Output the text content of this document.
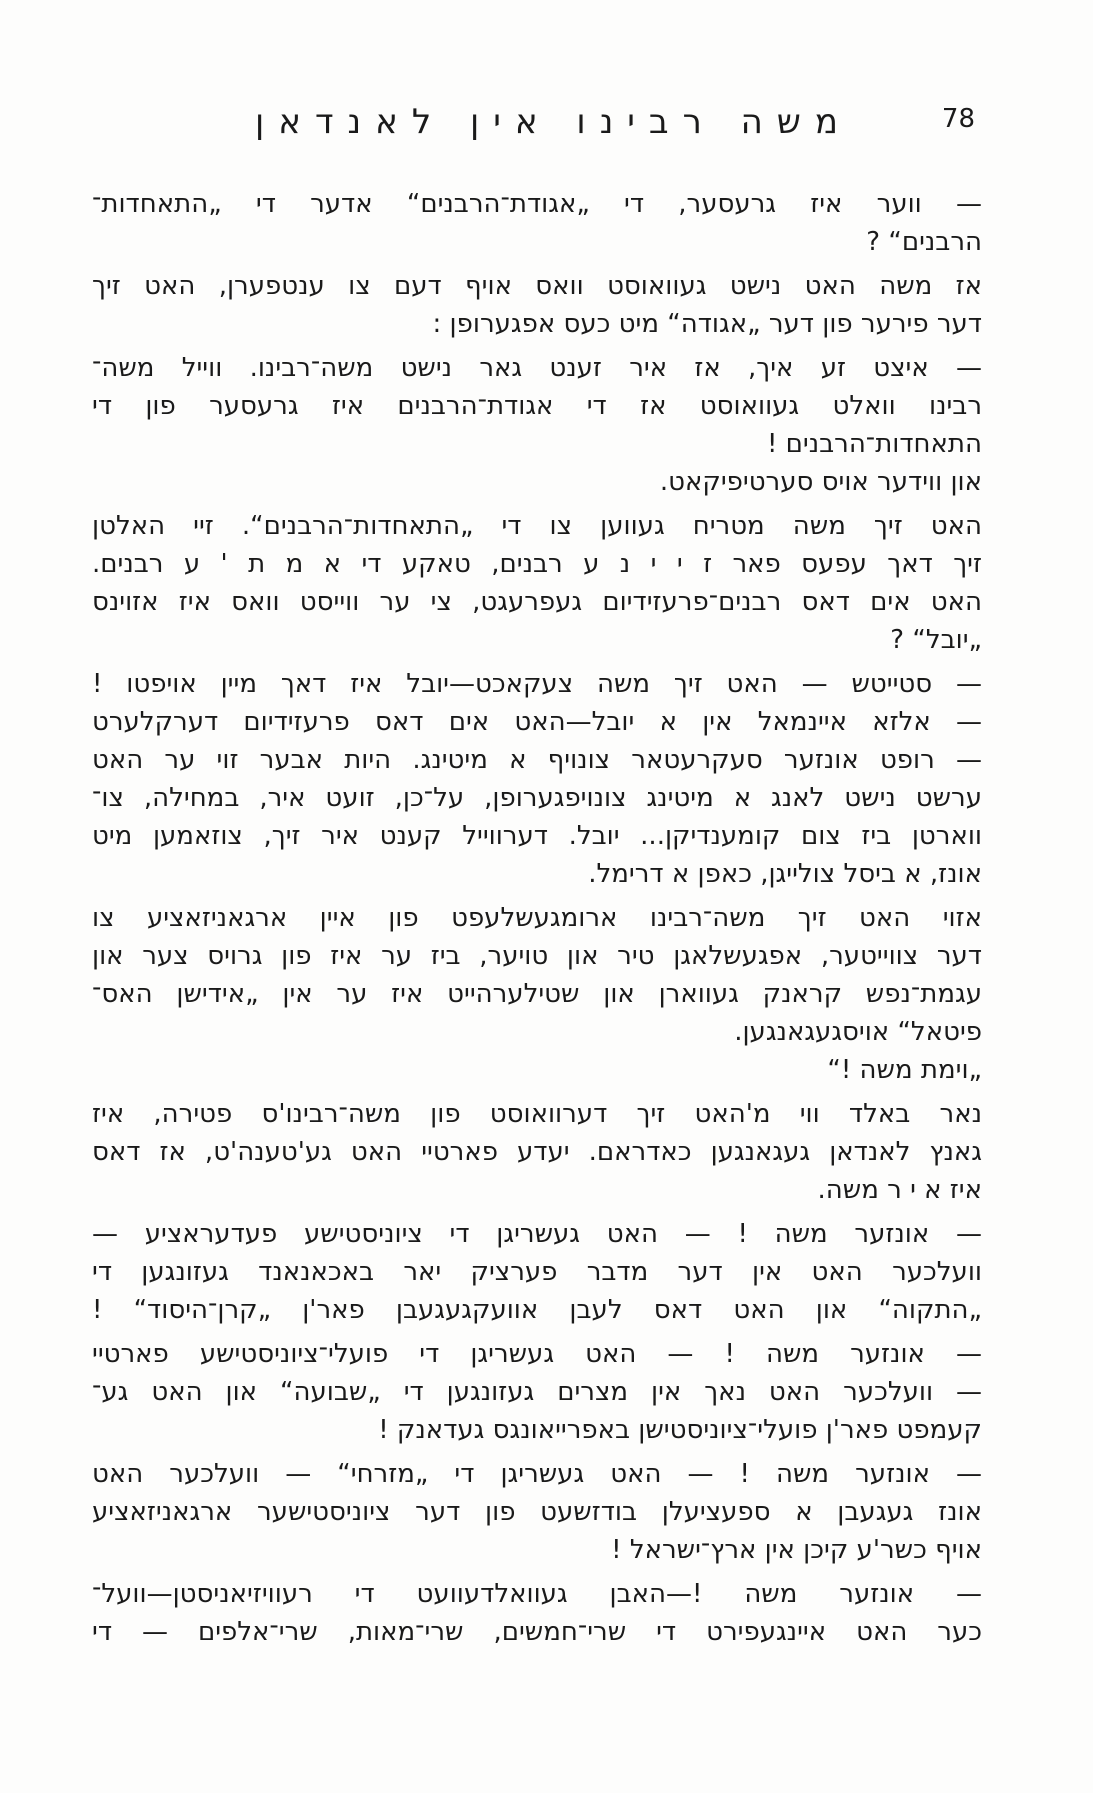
78
משה רבינו אין לאנדאן
— ווער איז גרעסער, די „אגודת־הרבנים“ אדער די „התאחדות־
הרבנים“ ?
אז משה האט נישט געוואוסט וואס אויף דעם צו ענטפערן, האט זיך
דער פירער פון דער „אגודה“ מיט כעס אפגערופן :
— איצט זע איך, אז איר זענט גאר נישט משה־רבינו. ווייל משה־
רבינו וואלט געוואוסט אז די אגודת־הרבנים איז גרעסער פון די
התאחדות־הרבנים !
און ווידער אויס סערטיפיקאט.
האט זיך משה מטריח געווען צו די „התאחדות־הרבנים“. זיי האלטן
זיך דאך עפעס פאר ז י י נ ע רבנים, טאקע די א מ ת ' ע רבנים.
האט אים דאס רבנים־פרעזידיום געפרעגט, צי ער ווייסט וואס איז אזוינס
„יובל“ ?
— סטייטש — האט זיך משה צעקאכט—יובל איז דאך מיין אויפטו !
— אלזא איינמאל אין א יובל—האט אים דאס פרעזידיום דערקלערט
— רופט אונזער סעקרעטאר צונויף א מיטינג. היות אבער זוי ער האט
ערשט נישט לאנג א מיטינג צונויפגערופן, על־כן, זועט איר, במחילה, צו־
ווארטן ביז צום קומענדיקן... יובל. דערווייל קענט איר זיך, צוזאמען מיט
אונז, א ביסל צולייגן, כאפן א דרימל.
אזוי האט זיך משה־רבינו ארומגעשלעפט פון איין ארגאניזאציע צו
דער צווייטער, אפגעשלאגן טיר און טויער, ביז ער איז פון גרויס צער און
עגמת־נפש קראנק געווארן און שטילערהייט איז ער אין „אידישן האס־
פיטאל“ אויסגעגאנגען.
„וימת משה !“
נאר באלד ווי מ'האט זיך דערוואוסט פון משה־רבינו'ס פטירה, איז
גאנץ לאנדאן געגאנגען כאדראם. יעדע פארטיי האט גע'טענה'ט, אז דאס
איז א י ר משה.
— אונזער משה ! — האט געשריגן די ציוניסטישע פעדעראציע —
וועלכער האט אין דער מדבר פערציק יאר באכאנאנד געזונגען די
„התקוה“ און האט דאס לעבן אוועקגעגעבן פאר'ן „קרן־היסוד“ !
— אונזער משה ! — האט געשריגן די פועלי־ציוניסטישע פארטיי
— וועלכער האט נאך אין מצרים געזונגען די „שבועה“ און האט גע־
קעמפט פאר'ן פועלי־ציוניסטישן באפרייאונגס געדאנק !
— אונזער משה ! — האט געשריגן די „מזרחי“ — וועלכער האט
אונז געגעבן א ספעציעלן בודזשעט פון דער ציוניסטישער ארגאניזאציע
אויף כשר'ע קיכן אין ארץ־ישראל !
— אונזער משה !—האבן געוואלדעוועט די רעוויזיאניסטן—וועל־
כער האט איינגעפירט די שרי־חמשים, שרי־מאות, שרי־אלפים — די
